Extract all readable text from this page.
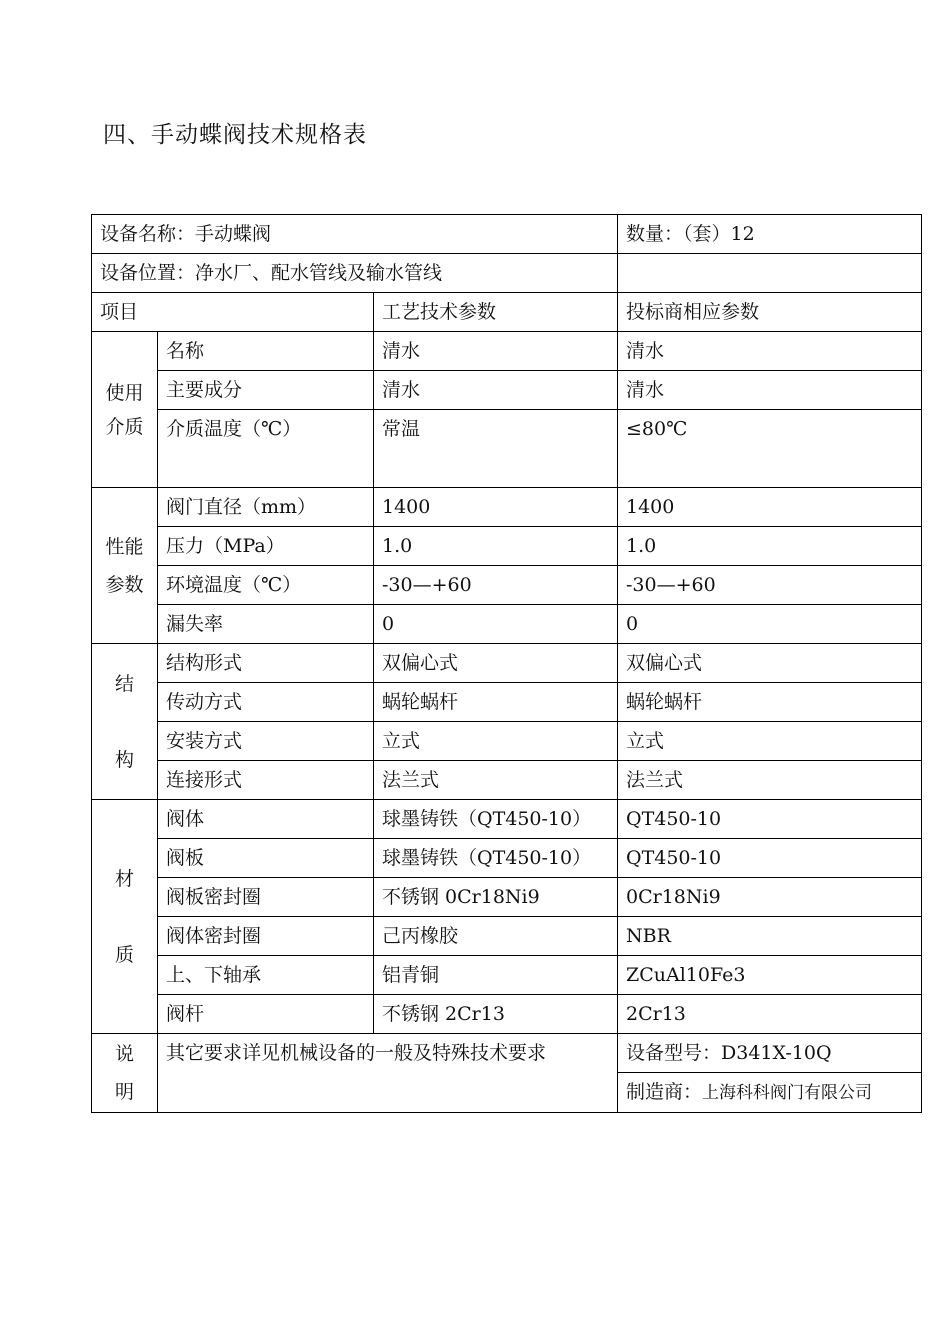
四、手动蝶阀技术规格表
设备名称：手动蝶阀			数量：（套）12
设备位置：净水厂、配水管线及输水管线			
项目		工艺技术参数	投标商相应参数
使用
介质	名称	清水	清水
	主要成分	清水	清水
	介质温度（℃）	常温	≤80℃
性能
参数	阀门直径（mm）	1400	1400
	压力（MPa）	1.0	1.0
	环境温度（℃）	-30—+60	-30—+60
	漏失率	0	0
结

构	结构形式	双偏心式	双偏心式
	传动方式	蜗轮蜗杆	蜗轮蜗杆
	安装方式	立式	立式
	连接形式	法兰式	法兰式
材

质	阀体	球墨铸铁（QT450-10）	QT450-10
	阀板	球墨铸铁（QT450-10）	QT450-10
	阀板密封圈	不锈钢 0Cr18Ni9	0Cr18Ni9
	阀体密封圈	己丙橡胶	NBR
	上、下轴承	铝青铜	ZCuAl10Fe3
	阀杆	不锈钢 2Cr13	2Cr13
说
明	其它要求详见机械设备的一般及特殊技术要求		设备型号：D341X-10Q
			制造商：上海科科阀门有限公司
